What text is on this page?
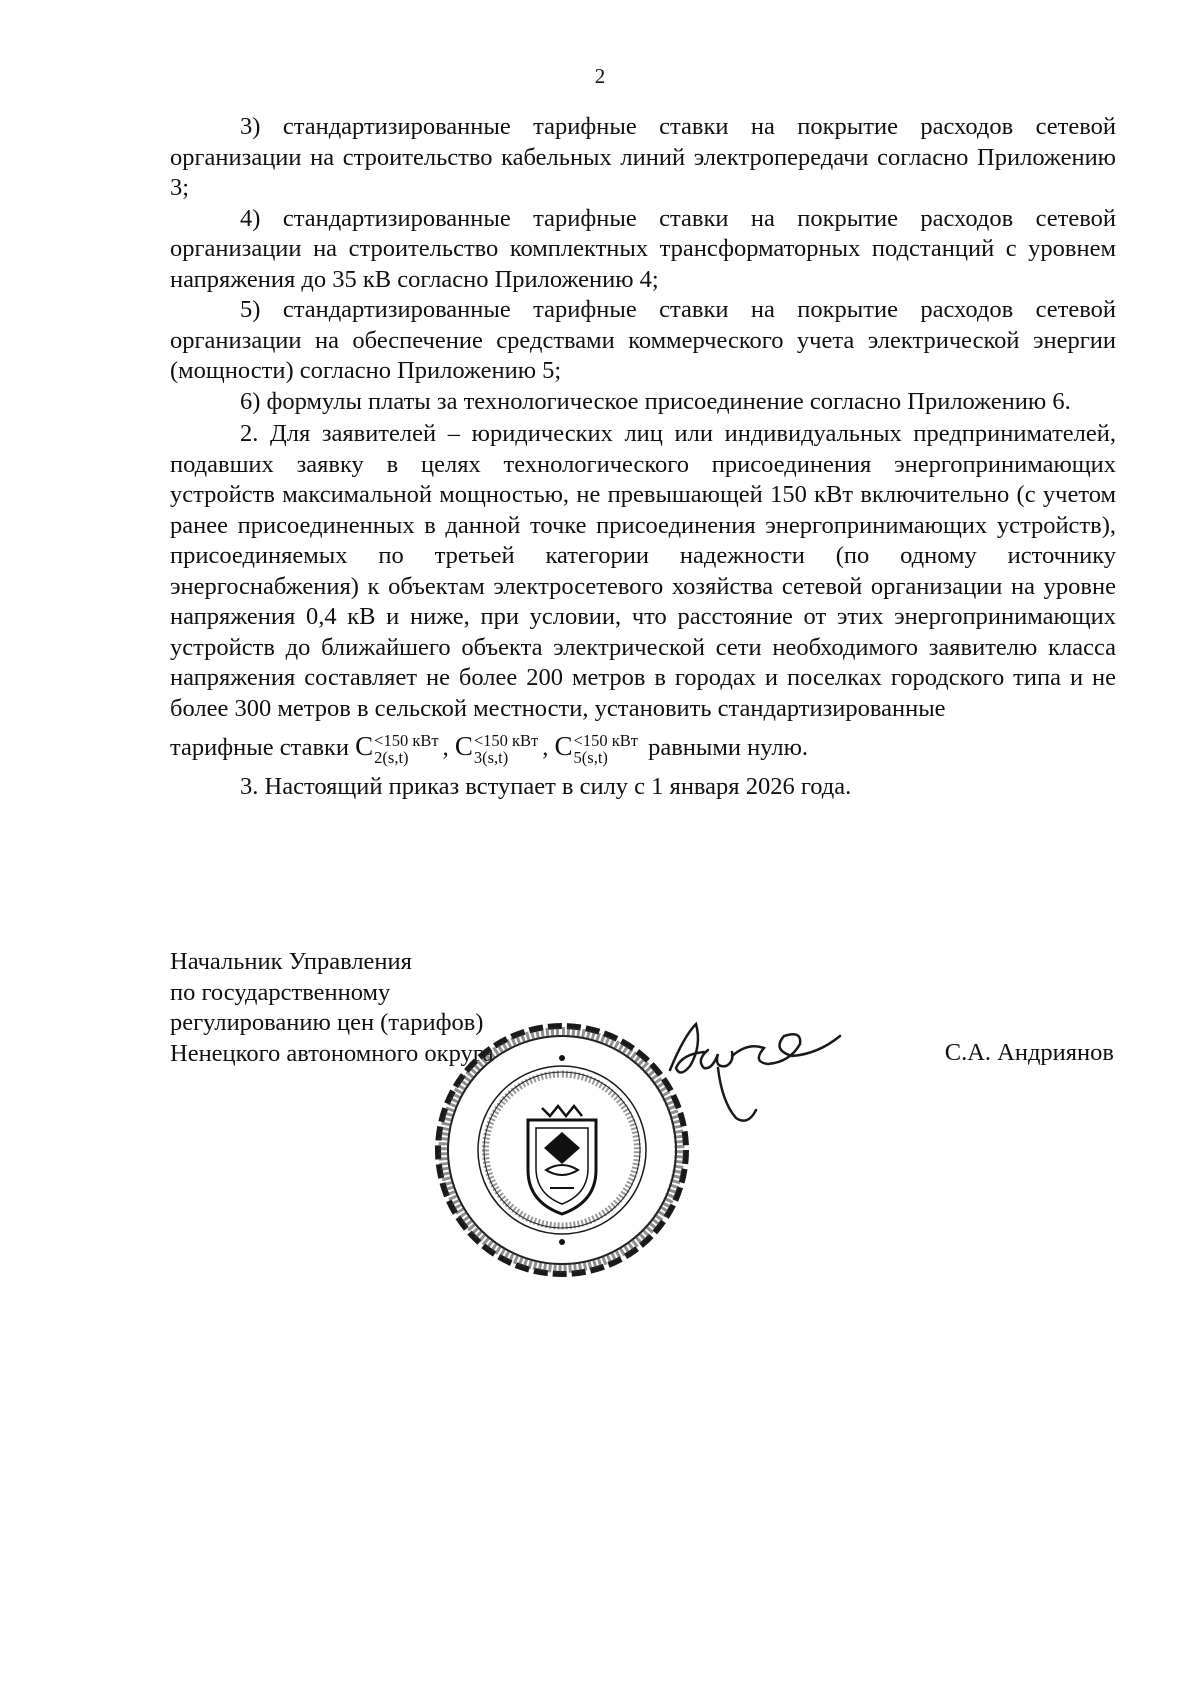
2

3) стандартизированные тарифные ставки на покрытие расходов сетевой организации на строительство кабельных линий электропередачи согласно Приложению 3;

4) стандартизированные тарифные ставки на покрытие расходов сетевой организации на строительство комплектных трансформаторных подстанций с уровнем напряжения до 35 кВ согласно Приложению 4;

5) стандартизированные тарифные ставки на покрытие расходов сетевой организации на обеспечение средствами коммерческого учета электрической энергии (мощности) согласно Приложению 5;

6) формулы платы за технологическое присоединение согласно Приложению 6.

2. Для заявителей – юридических лиц или индивидуальных предпринимателей, подавших заявку в целях технологического присоединения энергопринимающих устройств максимальной мощностью, не превышающей 150 кВт включительно (с учетом ранее присоединенных в данной точке присоединения энергопринимающих устройств), присоединяемых по третьей категории надежности (по одному источнику энергоснабжения) к объектам электросетевого хозяйства сетевой организации на уровне напряжения 0,4 кВ и ниже, при условии, что расстояние от этих энергопринимающих устройств до ближайшего объекта электрической сети необходимого заявителю класса напряжения составляет не более 200 метров в городах и поселках городского типа и не более 300 метров в сельской местности, установить стандартизированные

тарифные ставки C <150 кВт
2(s,t)	, C <150 кВт
3(s,t)	, C <150 кВт
5(s,t)	равными нулю.

3. Настоящий приказ вступает в силу с 1 января 2026 года.

Начальник Управления
по государственному
регулированию цен (тарифов)
Ненецкого автономного округа	С.А. Андриянов
